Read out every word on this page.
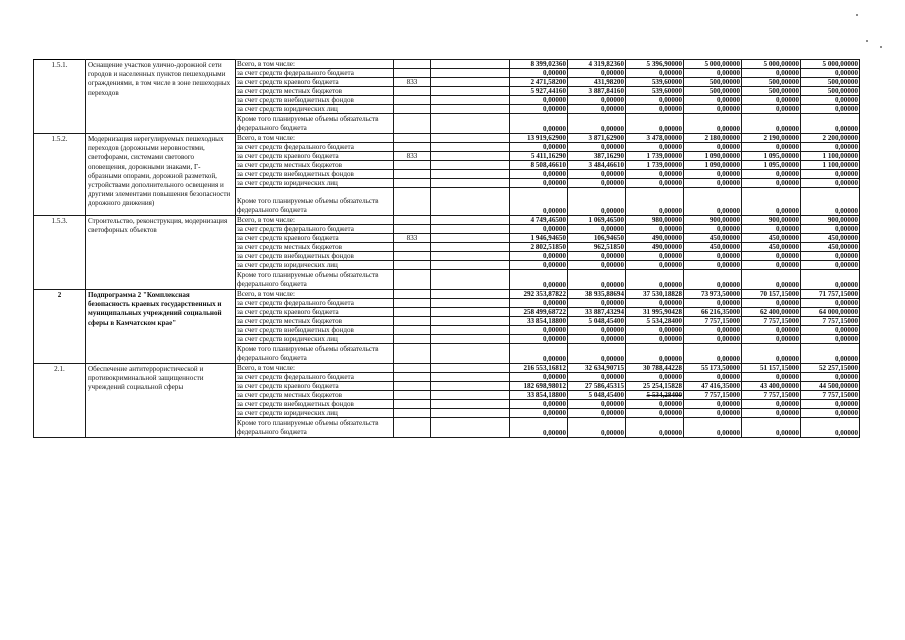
1.5.1.	Оснащение участков улично-дорожной сети городов и населенных пунктов пешеходными ограждениями, в том числе в зоне пешеходных переходов	Всего, в том числе:			8 399,02360	4 319,82360	5 396,90000	5 000,00000	5 000,00000	5 000,00000
		за счет средств федерального бюджета			0,00000	0,00000	0,00000	0,00000	0,00000	0,00000
		за счет средств краевого бюджета	833		2 471,58200	431,98200	539,60000	500,00000	500,00000	500,00000
		за счет средств местных бюджетов			5 927,44160	3 887,84160	539,60000	500,00000	500,00000	500,00000
		за счет средств внебюджетных фондов			0,00000	0,00000	0,00000	0,00000	0,00000	0,00000
		за счет средств юридических лиц			0,00000	0,00000	0,00000	0,00000	0,00000	0,00000
		Кроме того планируемые объемы обязательств федерального бюджета			0,00000	0,00000	0,00000	0,00000	0,00000	0,00000
1.5.2.	Модернизация нерегулируемых пешеходных переходов (дорожными неровностями, светофорами, системами светового оповещения, дорожными знаками, Г-образными опорами, дорожной разметкой, устройствами дополнительного освещения и другими элементами повышения безопасности дорожного движения)	Всего, в том числе:			13 919,62900	3 871,62900	3 478,00000	2 180,00000	2 190,00000	2 200,00000
		за счет средств федерального бюджета			0,00000	0,00000	0,00000	0,00000	0,00000	0,00000
		за счет средств краевого бюджета	833		5 411,16290	387,16290	1 739,00000	1 090,00000	1 095,00000	1 100,00000
		за счет средств местных бюджетов			8 508,46610	3 484,46610	1 739,00000	1 090,00000	1 095,00000	1 100,00000
		за счет средств внебюджетных фондов			0,00000	0,00000	0,00000	0,00000	0,00000	0,00000
		за счет средств юридических лиц			0,00000	0,00000	0,00000	0,00000	0,00000	0,00000
		Кроме того планируемые объемы обязательств федерального бюджета			0,00000	0,00000	0,00000	0,00000	0,00000	0,00000
1.5.3.	Строительство, реконструкция, модернизация светофорных объектов	Всего, в том числе:			4 749,46500	1 069,46500	980,00000	900,00000	900,00000	900,00000
		за счет средств федерального бюджета			0,00000	0,00000	0,00000	0,00000	0,00000	0,00000
		за счет средств краевого бюджета	833		1 946,94650	106,94650	490,00000	450,00000	450,00000	450,00000
		за счет средств местных бюджетов			2 802,51850	962,51850	490,00000	450,00000	450,00000	450,00000
		за счет средств внебюджетных фондов			0,00000	0,00000	0,00000	0,00000	0,00000	0,00000
		за счет средств юридических лиц			0,00000	0,00000	0,00000	0,00000	0,00000	0,00000
		Кроме того планируемые объемы обязательств федерального бюджета			0,00000	0,00000	0,00000	0,00000	0,00000	0,00000
2	Подпрограмма 2 "Комплексная безопасность краевых государственных и муниципальных учреждений социальной сферы в Камчатском крае"	Всего, в том числе:			292 353,87822	38 935,88694	37 530,18828	73 973,50000	70 157,15000	71 757,15000
		за счет средств федерального бюджета			0,00000	0,00000	0,00000	0,00000	0,00000	0,00000
		за счет средств краевого бюджета			258 499,68722	33 887,43294	31 995,90428	66 216,35000	62 400,00000	64 000,00000
		за счет средств местных бюджетов			33 854,18800	5 048,45400	5 534,28400	7 757,15000	7 757,15000	7 757,15000
		за счет средств внебюджетных фондов			0,00000	0,00000	0,00000	0,00000	0,00000	0,00000
		за счет средств юридических лиц			0,00000	0,00000	0,00000	0,00000	0,00000	0,00000
		Кроме того планируемые объемы обязательств федерального бюджета			0,00000	0,00000	0,00000	0,00000	0,00000	0,00000
2.1.	Обеспечение антитеррористической и противокриминальной защищенности учреждений социальной сферы	Всего, в том числе:			216 553,16812	32 634,90715	30 788,44228	55 173,50000	51 157,15000	52 257,15000
		за счет средств федерального бюджета			0,00000	0,00000	0,00000	0,00000	0,00000	0,00000
		за счет средств краевого бюджета			182 698,98012	27 586,45315	25 254,15828	47 416,35000	43 400,00000	44 500,00000
		за счет средств местных бюджетов			33 854,18800	5 048,45400	5 534,28400	7 757,15000	7 757,15000	7 757,15000
		за счет средств внебюджетных фондов			0,00000	0,00000	0,00000	0,00000	0,00000	0,00000
		за счет средств юридических лиц			0,00000	0,00000	0,00000	0,00000	0,00000	0,00000
		Кроме того планируемые объемы обязательств федерального бюджета			0,00000	0,00000	0,00000	0,00000	0,00000	0,00000
